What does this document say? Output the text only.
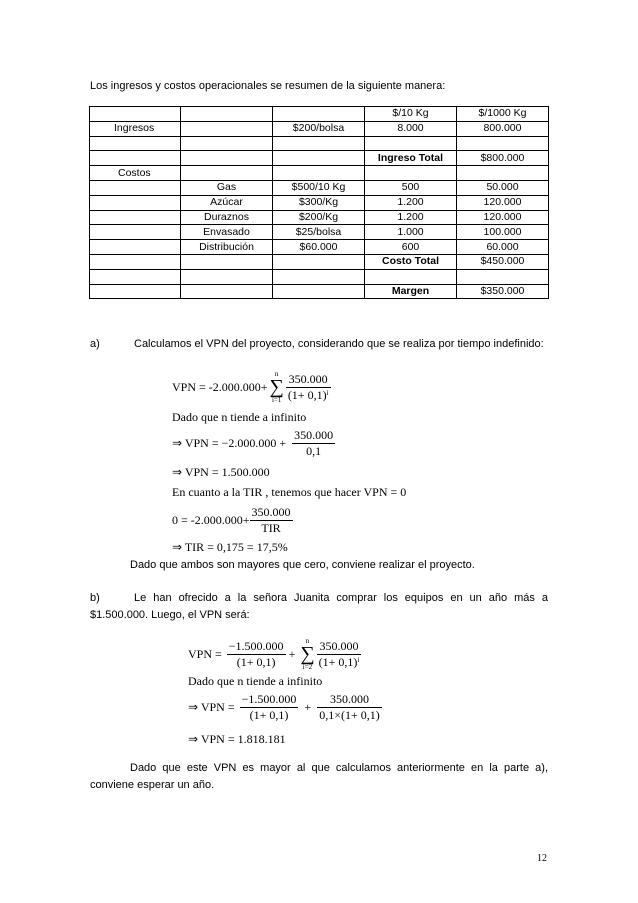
Los ingresos y costos operacionales se resumen de la siguiente manera:
			$/10 Kg	$/1000 Kg
Ingresos		$200/bolsa	8.000	800.000

			Ingreso Total	$800.000
Costos				
	Gas	$500/10 Kg	500	50.000
	Azúcar	$300/Kg	1.200	120.000
	Duraznos	$200/Kg	1.200	120.000
	Envasado	$25/bolsa	1.000	100.000
	Distribución	$60.000	600	60.000
			Costo Total	$450.000

			Margen	$350.000
a)	Calculamos el VPN del proyecto, considerando que se realiza por tiempo indefinido:
VPN = -2.000.000+
n
∑
$i=1 \frac{350.000}{(1+ 0,1)^i}$
Dado que n tiende a infinito
⇒ VPN = $-2.000.000 + \frac{350.000}{0,1}$
⇒ VPN = 1.500.000
En cuanto a la TIR , tenemos que hacer VPN = 0
$0 = -2.000.000+ \frac{350.000}{\text{TIR}}$
⇒ TIR = 0,175 = 17,5%
Dado que ambos son mayores que cero, conviene realizar el proyecto.
b)	Le han ofrecido a la señora Juanita comprar los equipos en un año más a $1.500.000. Luego, el VPN será:
VPN = $\frac{-1.500.000}{(1+ 0,1)}$ +
n
∑
$i=2 \frac{350.000}{(1+ 0,1)^i}$
Dado que n tiende a infinito
⇒ VPN = $\frac{-1.500.000}{(1+ 0,1)} + \frac{350.000}{0,1\times(1+ 0,1)}$
⇒ VPN = 1.818.181
Dado que este VPN es mayor al que calculamos anteriormente en la parte a), conviene esperar un año.
12
